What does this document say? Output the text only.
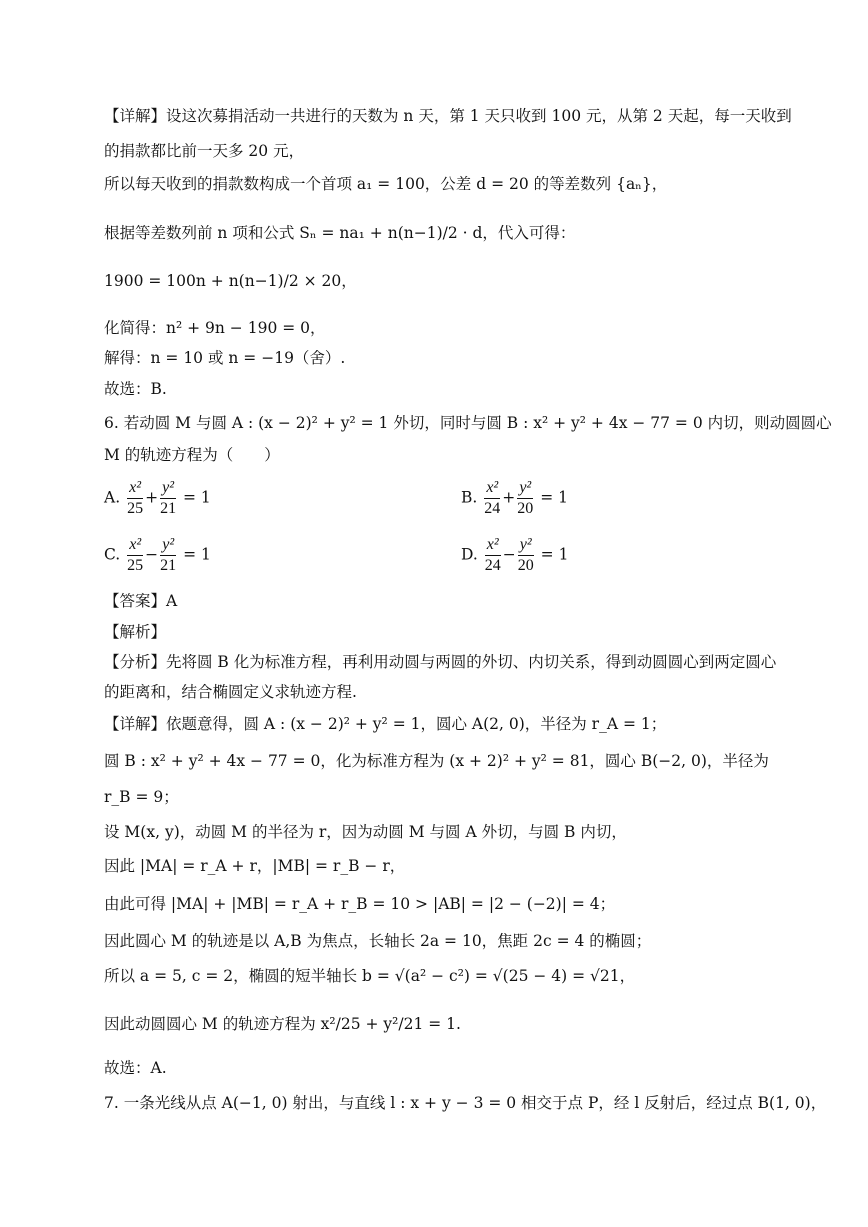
【详解】设这次募捐活动一共进行的天数为 n 天，第 1 天只收到 100 元，从第 2 天起，每一天收到
的捐款都比前一天多 20 元，
所以每天收到的捐款数构成一个首项 a₁ = 100，公差 d = 20 的等差数列 {aₙ}，
根据等差数列前 n 项和公式 Sₙ = na₁ + n(n−1)/2 · d，代入可得：
1900 = 100n + n(n−1)/2 × 20，
化简得：n² + 9n − 190 = 0，
解得：n = 10 或 n = −19（舍）.
故选：B.
6. 若动圆 M 与圆 A : (x − 2)² + y² = 1 外切，同时与圆 B : x² + y² + 4x − 77 = 0 内切，则动圆圆心
M 的轨迹方程为（　　）
【答案】A
【解析】
【分析】先将圆 B 化为标准方程，再利用动圆与两圆的外切、内切关系，得到动圆圆心到两定圆心
的距离和，结合椭圆定义求轨迹方程.
【详解】依题意得，圆 A : (x − 2)² + y² = 1，圆心 A(2, 0)，半径为 r_A = 1；
圆 B : x² + y² + 4x − 77 = 0，化为标准方程为 (x + 2)² + y² = 81，圆心 B(−2, 0)，半径为
r_B = 9；
设 M(x, y)，动圆 M 的半径为 r，因为动圆 M 与圆 A 外切，与圆 B 内切，
因此 |MA| = r_A + r，|MB| = r_B − r，
由此可得 |MA| + |MB| = r_A + r_B = 10 > |AB| = |2 − (−2)| = 4；
因此圆心 M 的轨迹是以 A,B 为焦点，长轴长 2a = 10，焦距 2c = 4 的椭圆；
所以 a = 5, c = 2，椭圆的短半轴长 b = √(a² − c²) = √(25 − 4) = √21，
因此动圆圆心 M 的轨迹方程为 x²/25 + y²/21 = 1.
故选：A.
7. 一条光线从点 A(−1, 0) 射出，与直线 l : x + y − 3 = 0 相交于点 P，经 l 反射后，经过点 B(1, 0)，
A. $\frac{\text{x²}}{25} + \frac{\text{y²}}{21} = 1$	B. $\frac{\text{x²}}{24} + \frac{\text{y²}}{20} = 1$
C. $\frac{\text{x²}}{25} - \frac{\text{y²}}{21} = 1$	D. $\frac{\text{x²}}{24} - \frac{\text{y²}}{20} = 1$
